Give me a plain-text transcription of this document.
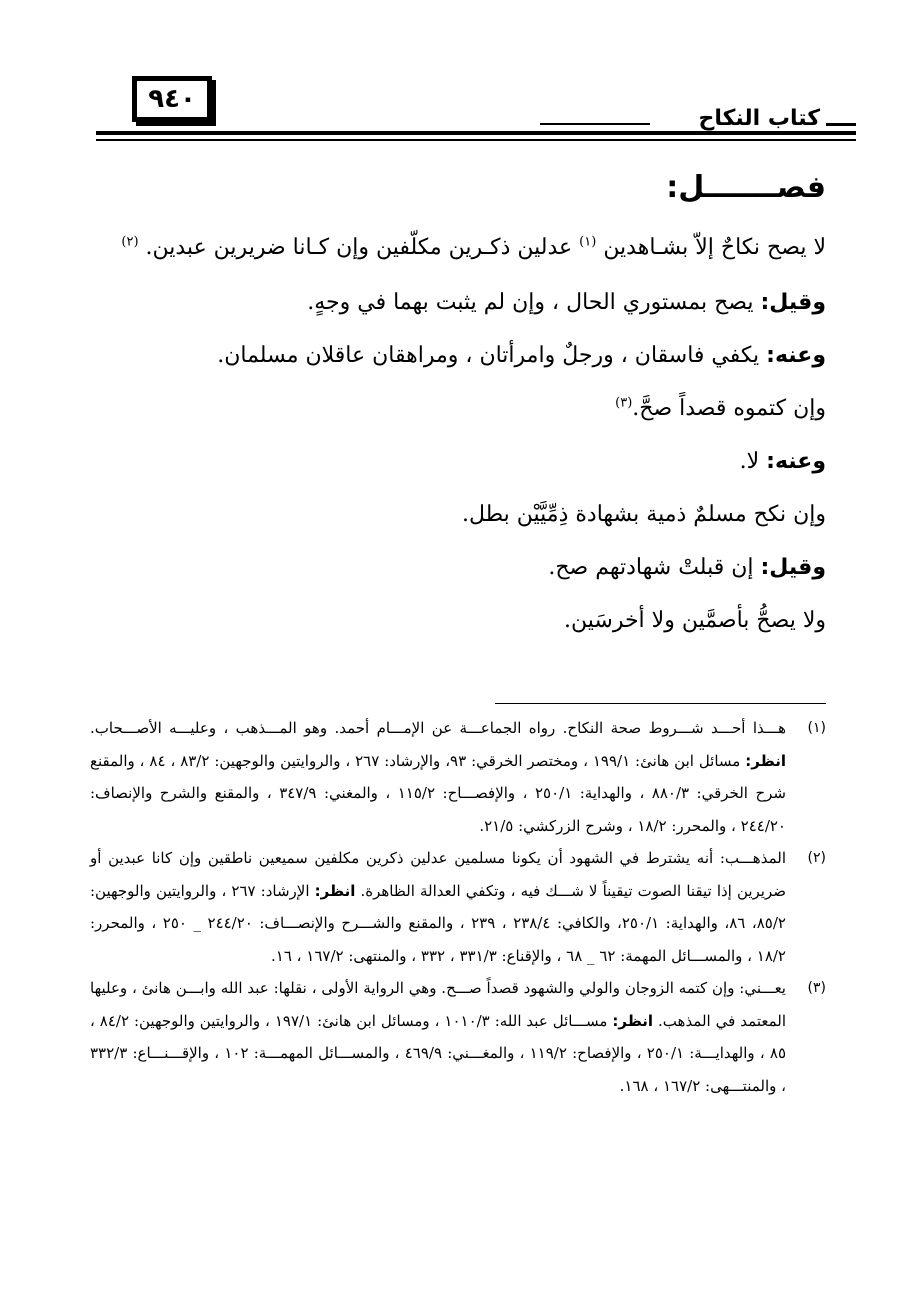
٩٤٠
كتاب النكاح
فصـــــــل:

لا يصح نكاحٌ إلاّ بشـاهدين $^{(١)}$ عدلين ذكـرين مكلّفين وإن كـانا ضريرين عبدين. $^{(٢)}$

وقيل: يصح بمستوري الحال ، وإن لم يثبت بهما في وجهٍ.

وعنه: يكفي فاسقان ، ورجلٌ وامرأتان ، ومراهقان عاقلان مسلمان.

وإن كتموه قصداً صحَّ.$^{(٣)}$

وعنه: لا.

وإن نكح مسلمٌ ذمية بشهادة ذِمِّيَّيْن بطل.

وقيل: إن قبلتْ شهادتهم صح.

ولا يصحُّ بأصمَّين ولا أخرسَين.

(١)
هـــذا أحـــد شـــروط صحة النكاح. رواه الجماعـــة عن الإمـــام أحمد. وهو المـــذهب ، وعليـــه الأصـــحاب. انظر: مسائل ابن هانئ: ١٩٩/١ ، ومختصر الخرقي: ٩٣، والإرشاد: ٢٦٧ ، والروايتين والوجهين: ٨٣/٢ ، ٨٤ ، والمقنع شرح الخرقي: ٨٨٠/٣ ، والهداية: ٢٥٠/١ ، والإفصـــاح: ١١٥/٢ ، والمغني: ٣٤٧/٩ ، والمقنع والشرح والإنصاف: ٢٤٤/٢٠ ، والمحرر: ١٨/٢ ، وشرح الزركشي: ٢١/٥.
(٢)
المذهـــب: أنه يشترط في الشهود أن يكونا مسلمين عدلين ذكرين مكلفين سميعين ناطقين وإن كانا عبدين أو ضريرين إذا تيقنا الصوت تيقيناً لا شـــك فيه ، وتكفي العدالة الظاهرة. انظر: الإرشاد: ٢٦٧ ، والروايتين والوجهين: ٨٥/٢، ٨٦، والهداية: ٢٥٠/١، والكافي: ٢٣٨/٤ ، ٢٣٩ ، والمقنع والشـــرح والإنصـــاف: ٢٤٤/٢٠ _ ٢٥٠ ، والمحرر: ١٨/٢ ، والمســـائل المهمة: ٦٢ _ ٦٨ ، والإقناع: ٣٣١/٣ ، ٣٣٢ ، والمنتهى: ١٦٧/٢ ، ١٦.
(٣)
يعـــني: وإن كتمه الزوجان والولي والشهود قصداً صـــح. وهي الرواية الأولى ، نقلها: عبد الله وابـــن هانئ ، وعليها المعتمد في المذهب. انظر: مســـائل عبد الله: ١٠١٠/٣ ، ومسائل ابن هانئ: ١٩٧/١ ، والروايتين والوجهين: ٨٤/٢ ، ٨٥ ، والهدايـــة: ٢٥٠/١ ، والإفصاح: ١١٩/٢ ، والمغـــني: ٤٦٩/٩ ، والمســـائل المهمـــة: ١٠٢ ، والإقـــنـــاع: ٣٣٢/٣ ، والمنتـــهى: ١٦٧/٢ ، ١٦٨.
